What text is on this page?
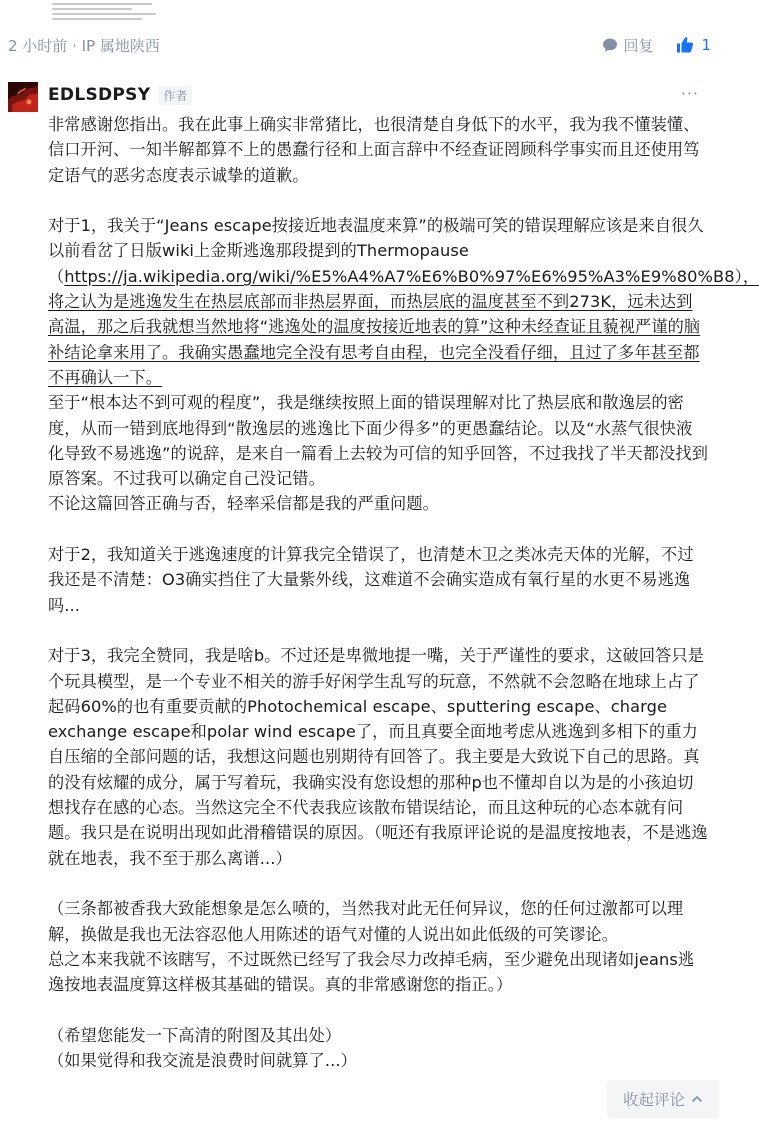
2 小时前 · IP 属地陕西	回复	1
EDLSDPSY	作者	···

非常感谢您指出。我在此事上确实非常猪比，也很清楚自身低下的水平，我为我不懂装懂、信口开河、一知半解都算不上的愚蠢行径和上面言辞中不经查证罔顾科学事实而且还使用笃定语气的恶劣态度表示诚挚的道歉。

对于1，我关于“Jeans escape按接近地表温度来算”的极端可笑的错误理解应该是来自很久以前看岔了日版wiki上金斯逃逸那段提到的Thermopause（https://ja.wikipedia.org/wiki/%E5%A4%A7%E6%B0%97%E6%95%A3%E9%80%B8），将之认为是逃逸发生在热层底部而非热层界面，而热层底的温度甚至不到273K，远未达到高温，那之后我就想当然地将“逃逸处的温度按接近地表的算”这种未经查证且藐视严谨的脑补结论拿来用了。我确实愚蠢地完全没有思考自由程，也完全没看仔细，且过了多年甚至都不再确认一下。

至于“根本达不到可观的程度”，我是继续按照上面的错误理解对比了热层底和散逸层的密度，从而一错到底地得到“散逸层的逃逸比下面少得多”的更愚蠢结论。以及“水蒸气很快液化导致不易逃逸”的说辞，是来自一篇看上去较为可信的知乎回答，不过我找了半天都没找到原答案。不过我可以确定自己没记错。

不论这篇回答正确与否，轻率采信都是我的严重问题。

对于2，我知道关于逃逸速度的计算我完全错误了，也清楚木卫之类冰壳天体的光解，不过我还是不清楚：O3确实挡住了大量紫外线，这难道不会确实造成有氧行星的水更不易逃逸吗...

对于3，我完全赞同，我是啥b。不过还是卑微地提一嘴，关于严谨性的要求，这破回答只是个玩具模型，是一个专业不相关的游手好闲学生乱写的玩意，不然就不会忽略在地球上占了起码60%的也有重要贡献的Photochemical escape、sputtering escape、charge exchange escape和polar wind escape了，而且真要全面地考虑从逃逸到多相下的重力自压缩的全部问题的话，我想这问题也别期待有回答了。我主要是大致说下自己的思路。真的没有炫耀的成分，属于写着玩，我确实没有您设想的那种p也不懂却自以为是的小孩迫切想找存在感的心态。当然这完全不代表我应该散布错误结论，而且这种玩的心态本就有问题。我只是在说明出现如此滑稽错误的原因。（呃还有我原评论说的是温度按地表，不是逃逸就在地表，我不至于那么离谱...）

（三条都被香我大致能想象是怎么喷的，当然我对此无任何异议，您的任何过激都可以理解，换做是我也无法容忍他人用陈述的语气对懂的人说出如此低级的可笑谬论。

总之本来我就不该瞎写，不过既然已经写了我会尽力改掉毛病，至少避免出现诸如jeans逃逸按地表温度算这样极其基础的错误。真的非常感谢您的指正。）

（希望您能发一下高清的附图及其出处）

（如果觉得和我交流是浪费时间就算了...）

收起评论
